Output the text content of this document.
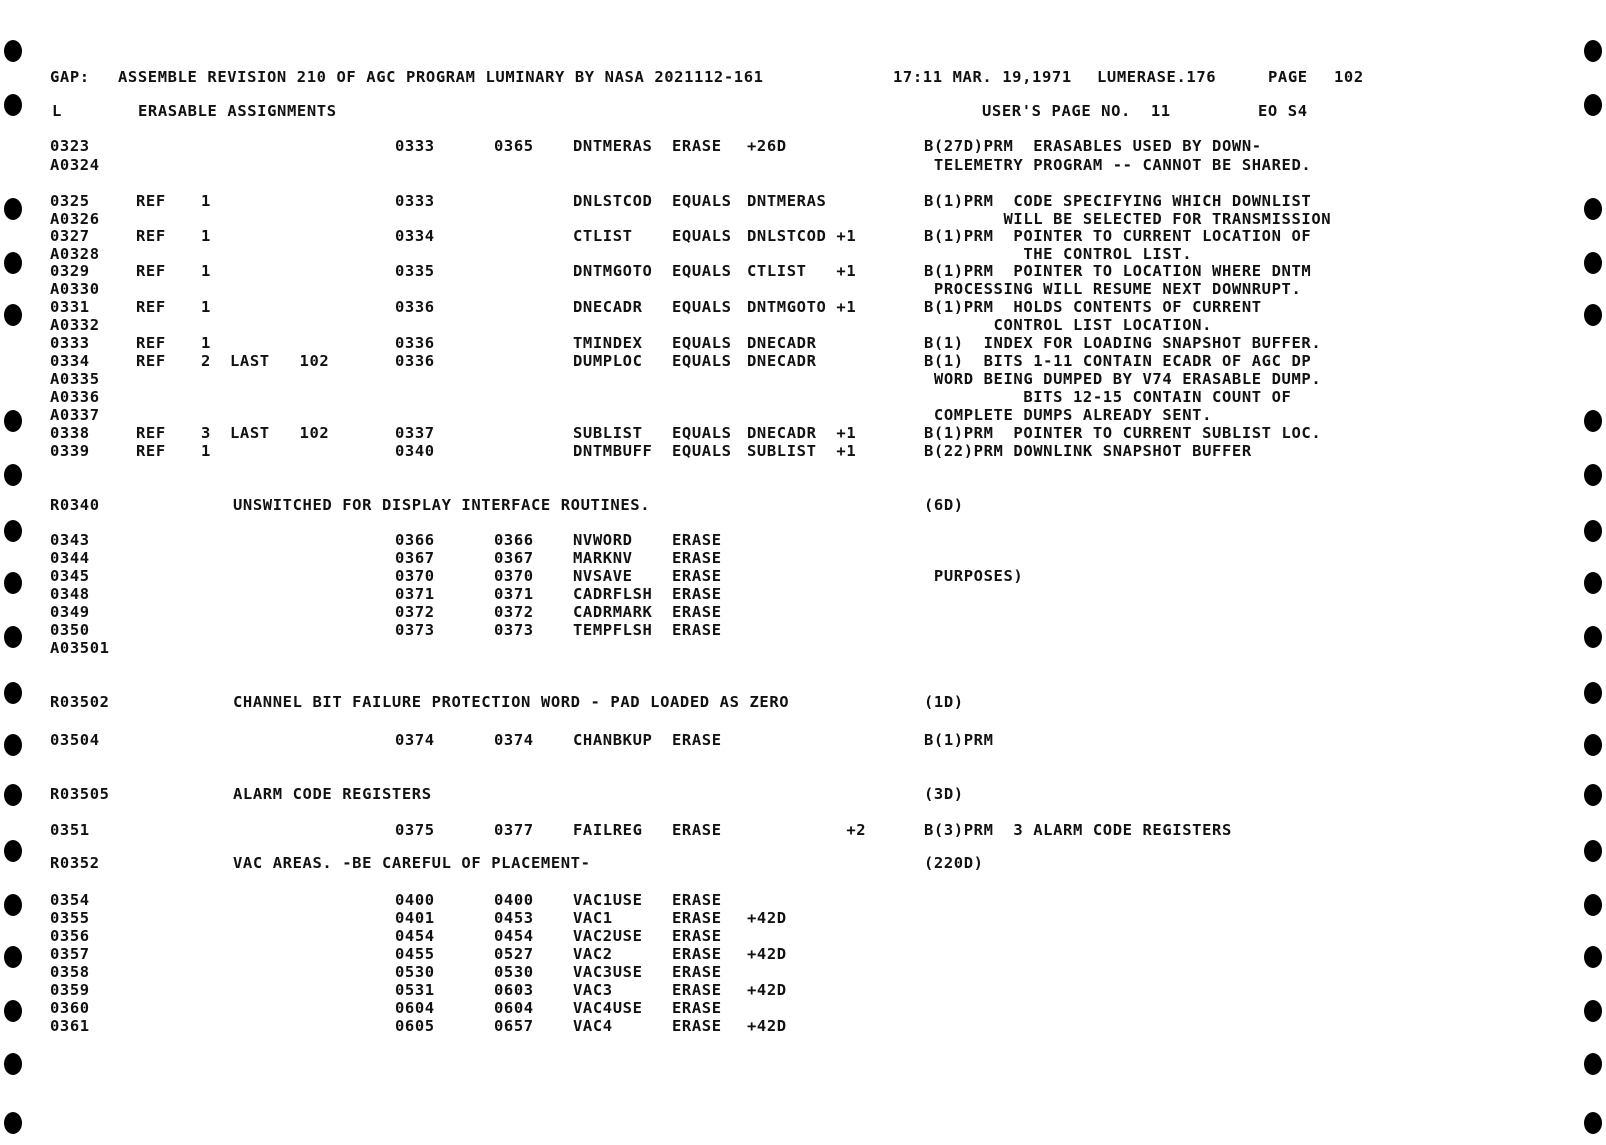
GAP: ASSEMBLE REVISION 210 OF AGC PROGRAM LUMINARY BY NASA 2021112-161	17:11 MAR. 19,1971 LUMERASE.176	PAGE 102
L	ERASABLE ASSIGNMENTS	USER'S PAGE NO.  11	EO S4
0323	0333	0365	DNTMERAS ERASE +26D	B(27D)PRM  ERASABLES USED BY DOWN-
A0324	TELEMETRY PROGRAM -- CANNOT BE SHARED.
0325	REF 1	0333	DNLSTCOD EQUALS DNTMERAS	B(1)PRM  CODE SPECIFYING WHICH DOWNLIST
A0326	WILL BE SELECTED FOR TRANSMISSION
0327	REF 1	0334	CTLIST	EQUALS DNLSTCOD +1	B(1)PRM  POINTER TO CURRENT LOCATION OF
A0328	THE CONTROL LIST.
0329	REF 1	0335	DNTMGOTO EQUALS CTLIST   +1	B(1)PRM  POINTER TO LOCATION WHERE DNTM
A0330	PROCESSING WILL RESUME NEXT DOWNRUPT.
0331	REF 1	0336	DNECADR EQUALS DNTMGOTO +1	B(1)PRM  HOLDS CONTENTS OF CURRENT
A0332	CONTROL LIST LOCATION.
0333	REF 1	0336	TMINDEX EQUALS DNECADR	B(1)  INDEX FOR LOADING SNAPSHOT BUFFER.
0334	REF 2 LAST   102	0336	DUMPLOC EQUALS DNECADR	B(1)  BITS 1-11 CONTAIN ECADR OF AGC DP
A0335	WORD BEING DUMPED BY V74 ERASABLE DUMP.
A0336	BITS 12-15 CONTAIN COUNT OF
A0337	COMPLETE DUMPS ALREADY SENT.
0338	REF 3 LAST   102	0337	SUBLIST EQUALS DNECADR  +1	B(1)PRM  POINTER TO CURRENT SUBLIST LOC.
0339	REF 1	0340	DNTMBUFF EQUALS SUBLIST  +1	B(22)PRM DOWNLINK SNAPSHOT BUFFER
R0340	UNSWITCHED FOR DISPLAY INTERFACE ROUTINES.	(6D)
0343	0366	0366	NVWORD	ERASE
0344	0367	0367	MARKNV	ERASE
0345	0370	0370	NVSAVE	ERASE	PURPOSES)
0348	0371	0371	CADRFLSH ERASE
0349	0372	0372	CADRMARK ERASE
0350	0373	0373	TEMPFLSH ERASE
A03501
R03502	CHANNEL BIT FAILURE PROTECTION WORD - PAD LOADED AS ZERO	(1D)
03504	0374	0374	CHANBKUP ERASE	B(1)PRM
R03505	ALARM CODE REGISTERS	(3D)
0351	0375	0377	FAILREG ERASE +2	B(3)PRM  3 ALARM CODE REGISTERS
R0352	VAC AREAS. -BE CAREFUL OF PLACEMENT-	(220D)
0354	0400	0400	VAC1USE ERASE
0355	0401	0453	VAC1	ERASE +42D
0356	0454	0454	VAC2USE ERASE
0357	0455	0527	VAC2	ERASE +42D
0358	0530	0530	VAC3USE ERASE
0359	0531	0603	VAC3	ERASE +42D
0360	0604	0604	VAC4USE ERASE
0361	0605	0657	VAC4	ERASE +42D
